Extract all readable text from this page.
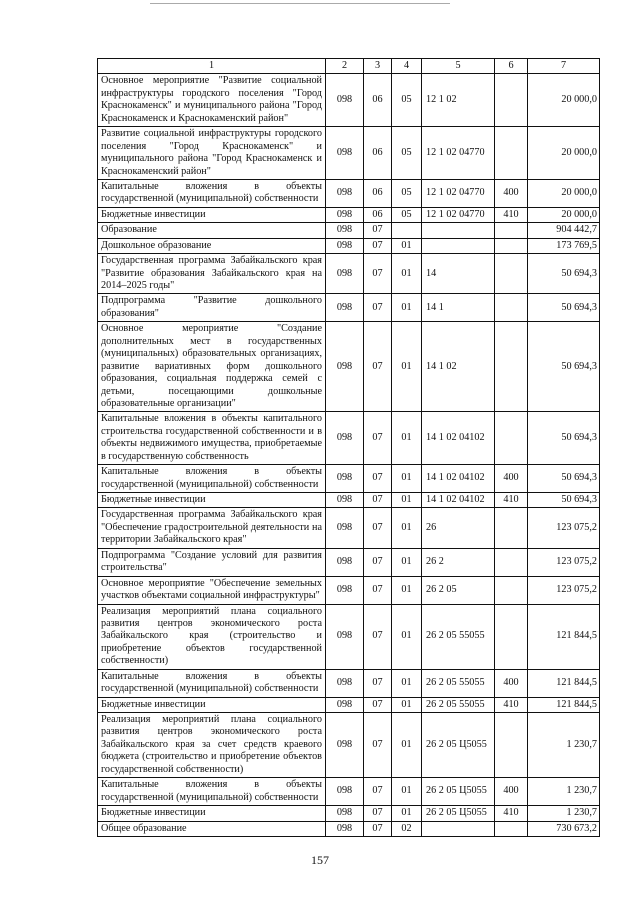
1	2	3	4	5	6	7
Основное мероприятие "Развитие социальной инфраструктуры городского поселения "Город Краснокаменск" и муниципального района "Город Краснокаменск и Краснокаменский район"	098	06	05	12 1 02		20 000,0
Развитие социальной инфраструктуры городского поселения "Город Краснокаменск" и муниципального района "Город Краснокаменск и Краснокаменский район"	098	06	05	12 1 02 04770		20 000,0
Капитальные вложения в объекты государственной (муниципальной) собственности	098	06	05	12 1 02 04770	400	20 000,0
Бюджетные инвестиции	098	06	05	12 1 02 04770	410	20 000,0
Образование	098	07				904 442,7
Дошкольное образование	098	07	01			173 769,5
Государственная программа Забайкальского края "Развитие образования Забайкальского края на 2014–2025 годы"	098	07	01	14		50 694,3
Подпрограмма "Развитие дошкольного образования"	098	07	01	14 1		50 694,3
Основное мероприятие "Создание дополнительных мест в государственных (муниципальных) образовательных организациях, развитие вариативных форм дошкольного образования, социальная поддержка семей с детьми, посещающими дошкольные образовательные организации"	098	07	01	14 1 02		50 694,3
Капитальные вложения в объекты капитального строительства государственной собственности и в объекты недвижимого имущества, приобретаемые в государственную собственность	098	07	01	14 1 02 04102		50 694,3
Капитальные вложения в объекты государственной (муниципальной) собственности	098	07	01	14 1 02 04102	400	50 694,3
Бюджетные инвестиции	098	07	01	14 1 02 04102	410	50 694,3
Государственная программа Забайкальского края "Обеспечение градостроительной деятельности на территории Забайкальского края"	098	07	01	26		123 075,2
Подпрограмма "Создание условий для развития строительства"	098	07	01	26 2		123 075,2
Основное мероприятие "Обеспечение земельных участков объектами социальной инфраструктуры"	098	07	01	26 2 05		123 075,2
Реализация мероприятий плана социального развития центров экономического роста Забайкальского края (строительство и приобретение объектов государственной собственности)	098	07	01	26 2 05 55055		121 844,5
Капитальные вложения в объекты государственной (муниципальной) собственности	098	07	01	26 2 05 55055	400	121 844,5
Бюджетные инвестиции	098	07	01	26 2 05 55055	410	121 844,5
Реализация мероприятий плана социального развития центров экономического роста Забайкальского края за счет средств краевого бюджета (строительство и приобретение объектов государственной собственности)	098	07	01	26 2 05 Ц5055		1 230,7
Капитальные вложения в объекты государственной (муниципальной) собственности	098	07	01	26 2 05 Ц5055	400	1 230,7
Бюджетные инвестиции	098	07	01	26 2 05 Ц5055	410	1 230,7
Общее образование	098	07	02			730 673,2
157
